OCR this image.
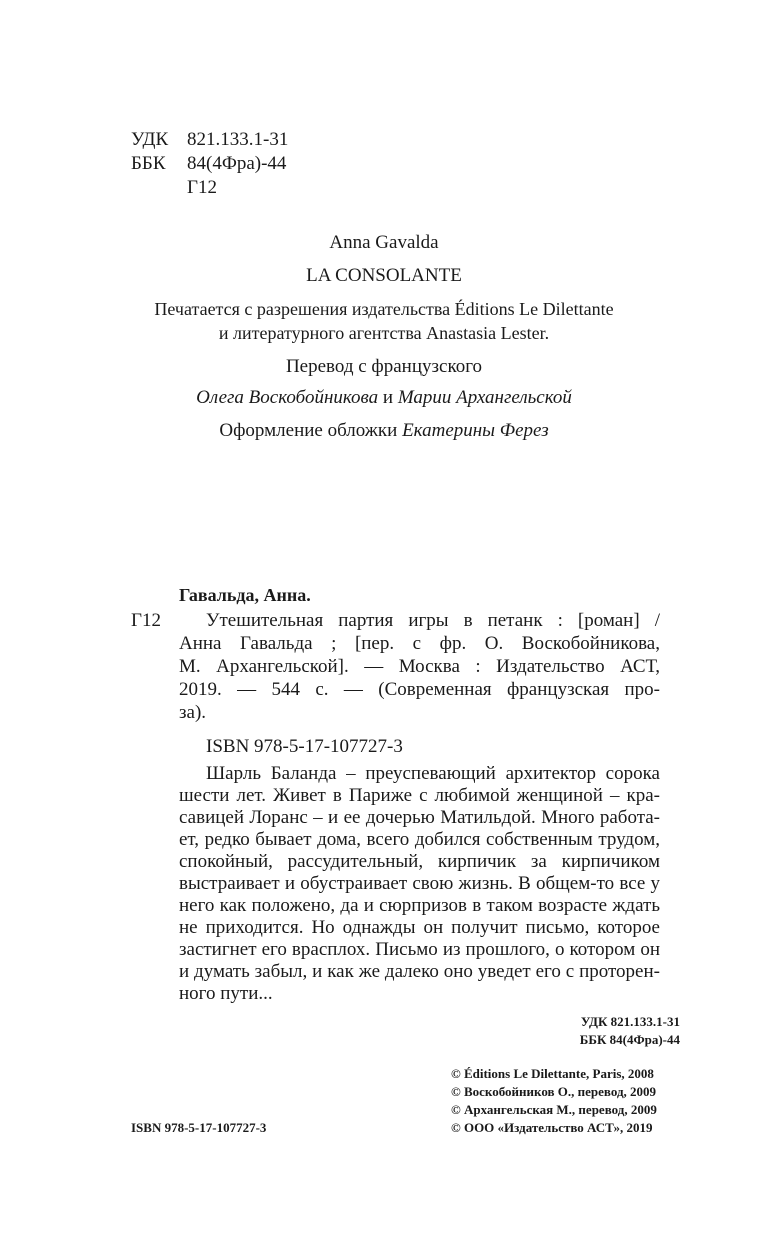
УДК 821.133.1-31
ББК 84(4Фра)-44
Г12
Anna Gavalda
LA CONSOLANTE
Печатается с разрешения издательства Éditions Le Dilettante
и литературного агентства Anastasia Lester.
Перевод с французского
Олега Воскобойникова и Марии Архангельской
Оформление обложки Екатерины Ферез
Гавальда, Анна.
Г12 Утешительная партия игры в петанк : [роман] /
Анна Гавальда ; [пер. с фр. О. Воскобойникова,
М. Архангельской]. — Москва : Издательство АСТ,
2019. — 544 с. — (Современная французская про-
за).
ISBN 978-5-17-107727-3
Шарль Баланда – преуспевающий архитектор сорока
шести лет. Живет в Париже с любимой женщиной – кра-
савицей Лоранс – и ее дочерью Матильдой. Много работа-
ет, редко бывает дома, всего добился собственным трудом,
спокойный, рассудительный, кирпичик за кирпичиком
выстраивает и обустраивает свою жизнь. В общем-то все у
него как положено, да и сюрпризов в таком возрасте ждать
не приходится. Но однажды он получит письмо, которое
застигнет его врасплох. Письмо из прошлого, о котором он
и думать забыл, и как же далеко оно уведет его с проторен-
ного пути...
УДК 821.133.1-31
ББК 84(4Фра)-44
© Éditions Le Dilettante, Paris, 2008
© Воскобойников О., перевод, 2009
© Архангельская М., перевод, 2009
© ООО «Издательство АСТ», 2019
ISBN 978-5-17-107727-3
